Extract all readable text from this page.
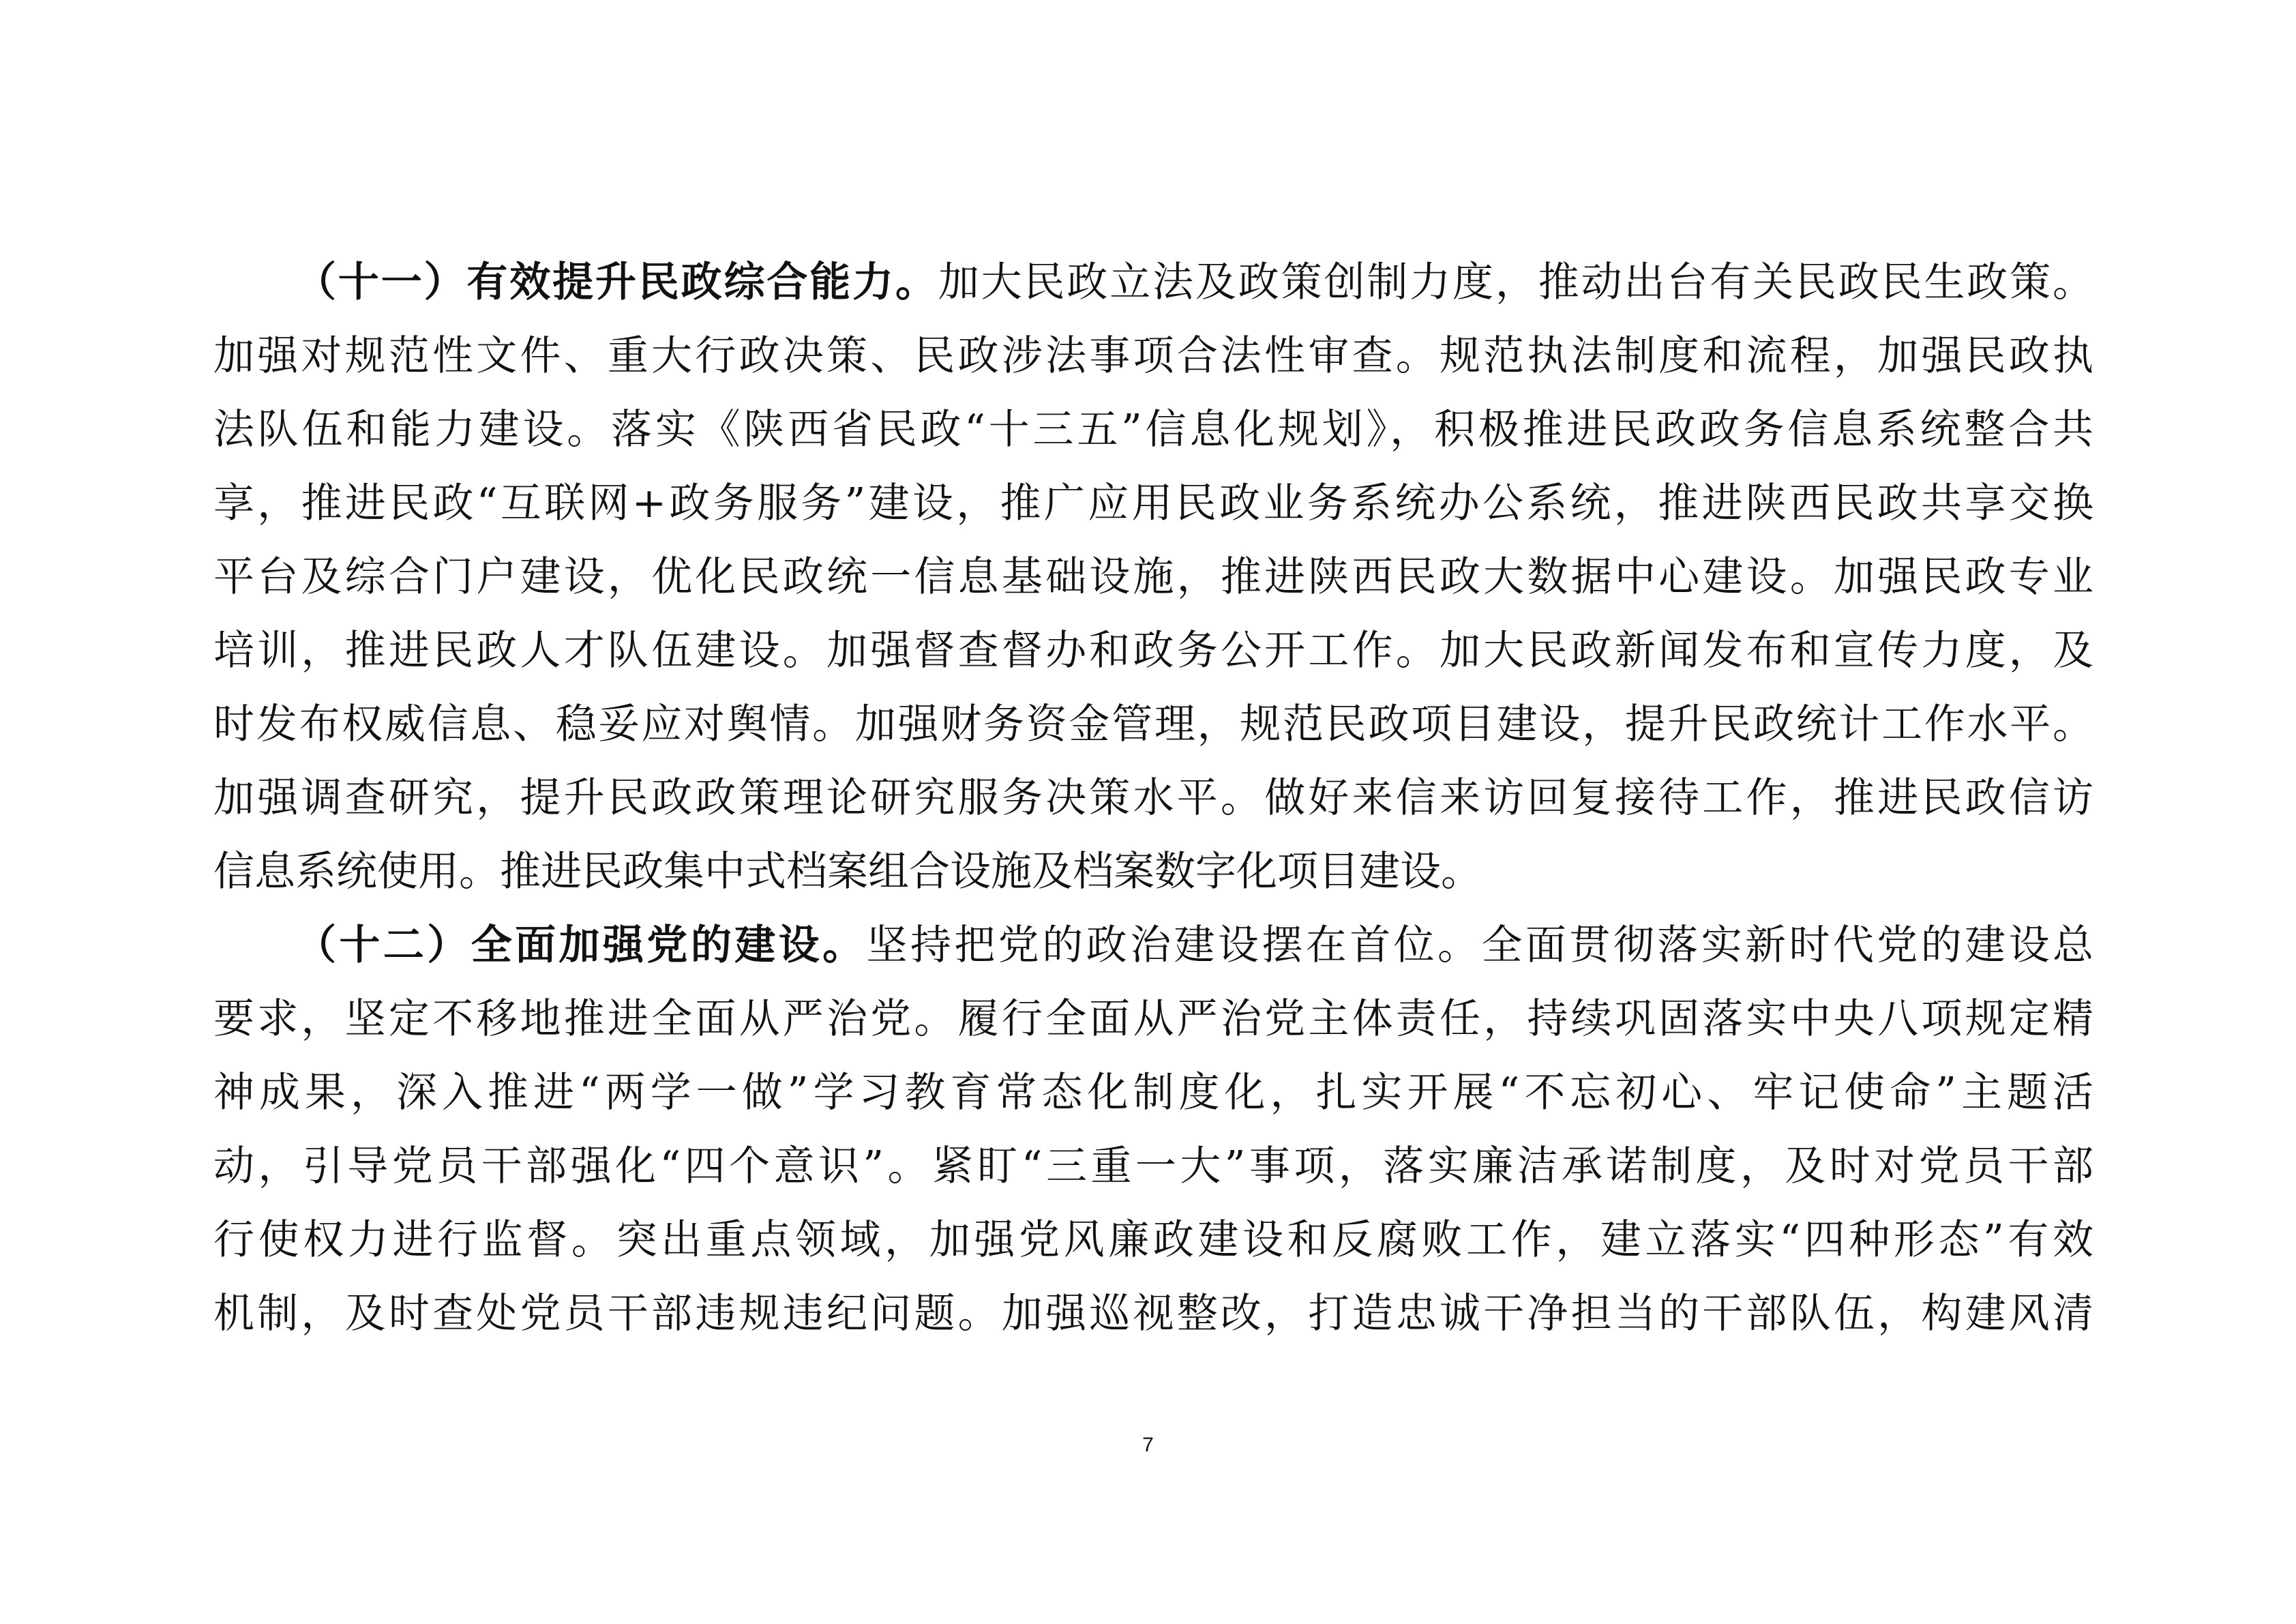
（十一）有效提升民政综合能力。加大民政立法及政策创制力度，推动出台有关民政民生政策。
加强对规范性文件、重大行政决策、民政涉法事项合法性审查。规范执法制度和流程，加强民政执
法队伍和能力建设。落实《陕西省民政“十三五”信息化规划》，积极推进民政政务信息系统整合共
享，推进民政“互联网+政务服务”建设，推广应用民政业务系统办公系统，推进陕西民政共享交换
平台及综合门户建设，优化民政统一信息基础设施，推进陕西民政大数据中心建设。加强民政专业
培训，推进民政人才队伍建设。加强督查督办和政务公开工作。加大民政新闻发布和宣传力度，及
时发布权威信息、稳妥应对舆情。加强财务资金管理，规范民政项目建设，提升民政统计工作水平。
加强调查研究，提升民政政策理论研究服务决策水平。做好来信来访回复接待工作，推进民政信访
信息系统使用。推进民政集中式档案组合设施及档案数字化项目建设。
（十二）全面加强党的建设。坚持把党的政治建设摆在首位。全面贯彻落实新时代党的建设总
要求，坚定不移地推进全面从严治党。履行全面从严治党主体责任，持续巩固落实中央八项规定精
神成果，深入推进“两学一做”学习教育常态化制度化，扎实开展“不忘初心、牢记使命”主题活
动，引导党员干部强化“四个意识”。紧盯“三重一大”事项，落实廉洁承诺制度，及时对党员干部
行使权力进行监督。突出重点领域，加强党风廉政建设和反腐败工作，建立落实“四种形态”有效
机制，及时查处党员干部违规违纪问题。加强巡视整改，打造忠诚干净担当的干部队伍，构建风清
7
